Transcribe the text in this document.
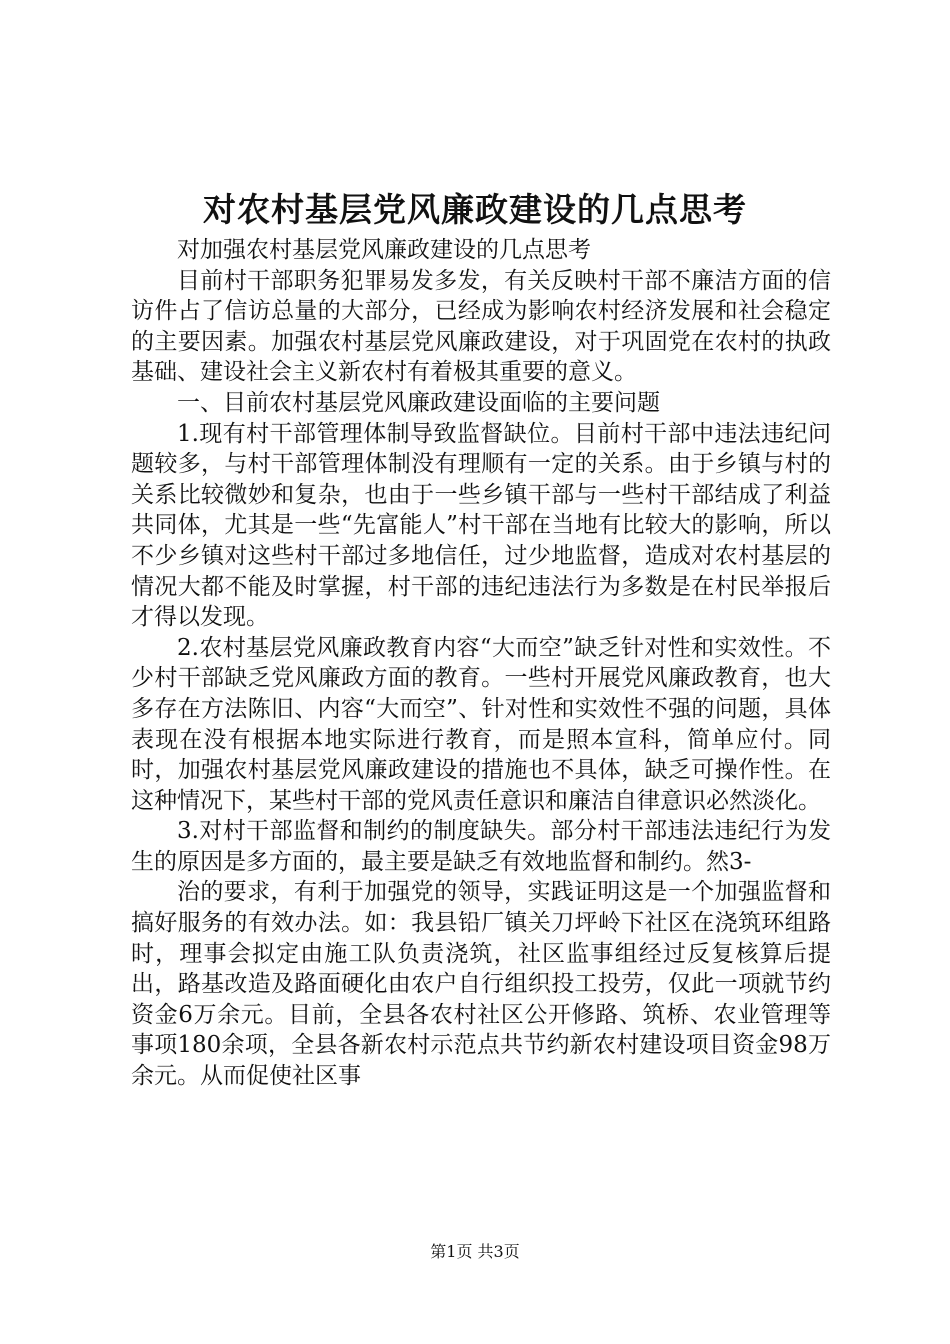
对农村基层党风廉政建设的几点思考

对加强农村基层党风廉政建设的几点思考

目前村干部职务犯罪易发多发，有关反映村干部不廉洁方面的信访件占了信访总量的大部分，已经成为影响农村经济发展和社会稳定的主要因素。加强农村基层党风廉政建设，对于巩固党在农村的执政基础、建设社会主义新农村有着极其重要的意义。

一、目前农村基层党风廉政建设面临的主要问题

1.现有村干部管理体制导致监督缺位。目前村干部中违法违纪问题较多，与村干部管理体制没有理顺有一定的关系。由于乡镇与村的关系比较微妙和复杂，也由于一些乡镇干部与一些村干部结成了利益共同体，尤其是一些“先富能人”村干部在当地有比较大的影响，所以不少乡镇对这些村干部过多地信任，过少地监督，造成对农村基层的情况大都不能及时掌握，村干部的违纪违法行为多数是在村民举报后才得以发现。

2.农村基层党风廉政教育内容“大而空”缺乏针对性和实效性。不少村干部缺乏党风廉政方面的教育。一些村开展党风廉政教育，也大多存在方法陈旧、内容“大而空”、针对性和实效性不强的问题，具体表现在没有根据本地实际进行教育，而是照本宣科，简单应付。同时，加强农村基层党风廉政建设的措施也不具体，缺乏可操作性。在这种情况下，某些村干部的党风责任意识和廉洁自律意识必然淡化。

3.对村干部监督和制约的制度缺失。部分村干部违法违纪行为发生的原因是多方面的，最主要是缺乏有效地监督和制约。然3-

治的要求，有利于加强党的领导，实践证明这是一个加强监督和搞好服务的有效办法。如：我县铅厂镇关刀坪岭下社区在浇筑环组路时，理事会拟定由施工队负责浇筑，社区监事组经过反复核算后提出，路基改造及路面硬化由农户自行组织投工投劳，仅此一项就节约资金6万余元。目前，全县各农村社区公开修路、筑桥、农业管理等事项180余项，全县各新农村示范点共节约新农村建设项目资金98万余元。从而促使社区事

第1页 共3页
